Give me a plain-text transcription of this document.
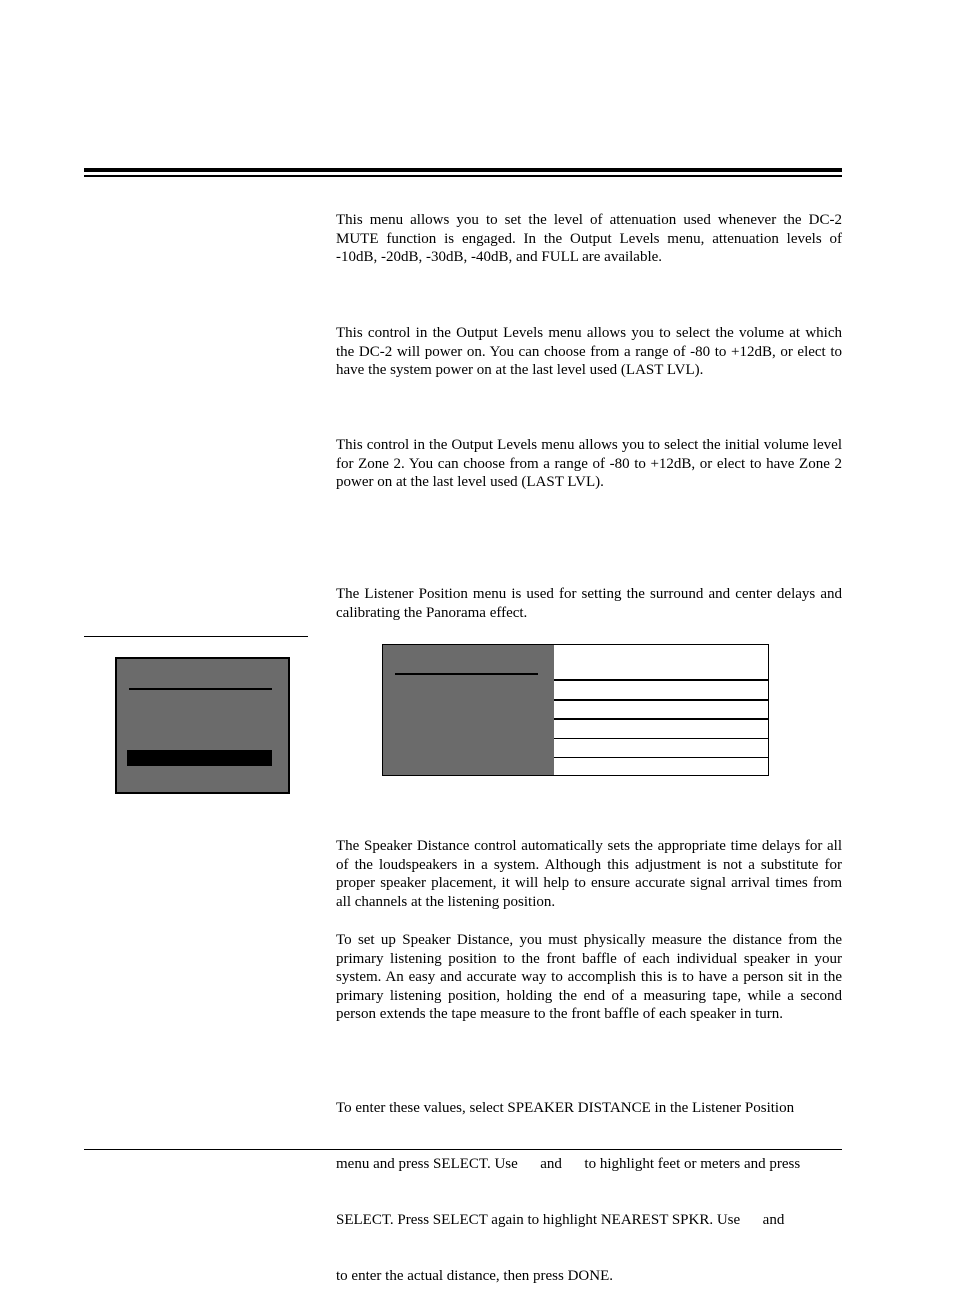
This menu allows you to set the level of attenuation used whenever the DC-2 MUTE function is engaged. In the Output Levels menu, attenuation levels of -10dB, -20dB, -30dB, -40dB, and FULL are available.

This control in the Output Levels menu allows you to select the volume at which the DC-2 will power on. You can choose from a range of -80 to +12dB, or elect to have the system power on at the last level used (LAST LVL).

This control in the Output Levels menu allows you to select the initial volume level for Zone 2. You can choose from a range of -80 to +12dB, or elect to have Zone 2 power on at the last level used (LAST LVL).

The Listener Position menu is used for setting the surround and center delays and calibrating the Panorama effect.

The Speaker Distance control automatically sets the appropriate time delays for all of the loudspeakers in a system. Although this adjustment is not a substitute for proper speaker placement, it will help to ensure accurate signal arrival times from all channels at the listening position.

To set up Speaker Distance, you must physically measure the distance from the primary listening position to the front baffle of each individual speaker in your system. An easy and accurate way to accomplish this is to have a person sit in the primary listening position, holding the end of a measuring tape, while a second person extends the tape measure to the front baffle of each speaker in turn.

To enter these values, select SPEAKER DISTANCE in the Listener Position

menu and press SELECT. Use      and      to highlight feet or meters and press

SELECT. Press SELECT again to highlight NEAREST SPKR. Use      and

to enter the actual distance, then press DONE.
